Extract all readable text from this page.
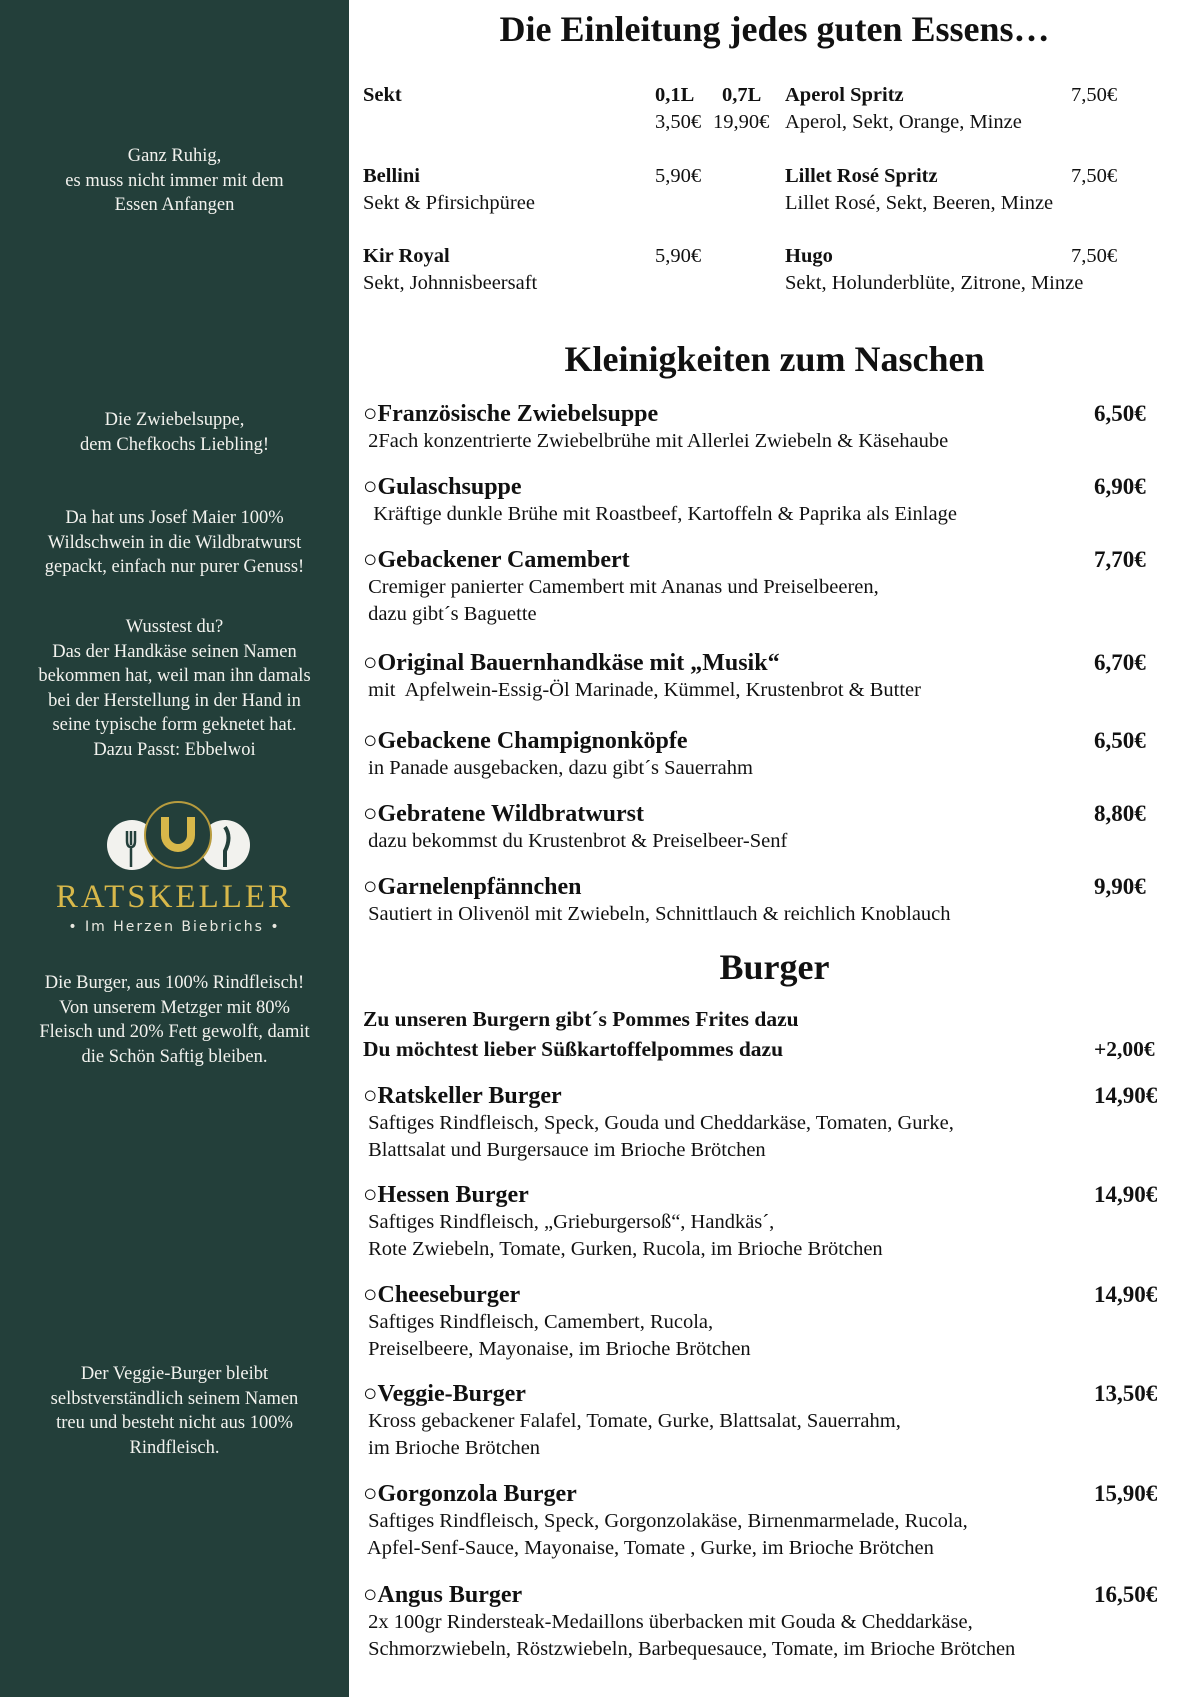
Ganz Ruhig,
es muss nicht immer mit dem
Essen Anfangen
Die Zwiebelsuppe,
dem Chefkochs Liebling!
Da hat uns Josef Maier 100%
Wildschwein in die Wildbratwurst
gepackt, einfach nur purer Genuss!
Wusstest du?
Das der Handkäse seinen Namen
bekommen hat, weil man ihn damals
bei der Herstellung in der Hand in
seine typische form geknetet hat.
Dazu Passt: Ebbelwoi
Die Burger, aus 100% Rindfleisch!
Von unserem Metzger mit 80%
Fleisch und 20% Fett gewolft, damit
die Schön Saftig bleiben.
Der Veggie-Burger bleibt
selbstverständlich seinem Namen
treu und besteht nicht aus 100%
Rindfleisch.
RATSKELLER
• Im Herzen Biebrichs •
Die Einleitung jedes guten Essens…
Sekt	0,1L 0,7L
3,50€ 19,90€
Bellini	5,90€
Sekt & Pfirsichpüree
Kir Royal	5,90€
Sekt, Johnnisbeersaft
Aperol Spritz	7,50€
Aperol, Sekt, Orange, Minze
Lillet Rosé Spritz	7,50€
Lillet Rosé, Sekt, Beeren, Minze
Hugo	7,50€
Sekt, Holunderblüte, Zitrone, Minze
Kleinigkeiten zum Naschen
○Französische Zwiebelsuppe	6,50€
2Fach konzentrierte Zwiebelbrühe mit Allerlei Zwiebeln & Käsehaube
○Gulaschsuppe	6,90€
Kräftige dunkle Brühe mit Roastbeef, Kartoffeln & Paprika als Einlage
○Gebackener Camembert	7,70€
Cremiger panierter Camembert mit Ananas und Preiselbeeren,
dazu gibt´s Baguette
○Original Bauernhandkäse mit „Musik“	6,70€
mit  Apfelwein-Essig-Öl Marinade, Kümmel, Krustenbrot & Butter
○Gebackene Champignonköpfe	6,50€
in Panade ausgebacken, dazu gibt´s Sauerrahm
○Gebratene Wildbratwurst	8,80€
dazu bekommst du Krustenbrot & Preiselbeer-Senf
○Garnelenpfännchen	9,90€
Sautiert in Olivenöl mit Zwiebeln, Schnittlauch & reichlich Knoblauch
Burger
Zu unseren Burgern gibt´s Pommes Frites dazu
Du möchtest lieber Süßkartoffelpommes dazu	+2,00€
○Ratskeller Burger	14,90€
Saftiges Rindfleisch, Speck, Gouda und Cheddarkäse, Tomaten, Gurke,
Blattsalat und Burgersauce im Brioche Brötchen
○Hessen Burger	14,90€
Saftiges Rindfleisch, „Grieburgersoß“, Handkäs´,
Rote Zwiebeln, Tomate, Gurken, Rucola, im Brioche Brötchen
○Cheeseburger	14,90€
Saftiges Rindfleisch, Camembert, Rucola,
Preiselbeere, Mayonaise, im Brioche Brötchen
○Veggie-Burger	13,50€
Kross gebackener Falafel, Tomate, Gurke, Blattsalat, Sauerrahm,
im Brioche Brötchen
○Gorgonzola Burger	15,90€
Saftiges Rindfleisch, Speck, Gorgonzolakäse, Birnenmarmelade, Rucola,
Apfel-Senf-Sauce, Mayonaise, Tomate , Gurke, im Brioche Brötchen
○Angus Burger	16,50€
2x 100gr Rindersteak-Medaillons überbacken mit Gouda & Cheddarkäse,
Schmorzwiebeln, Röstzwiebeln, Barbequesauce, Tomate, im Brioche Brötchen
